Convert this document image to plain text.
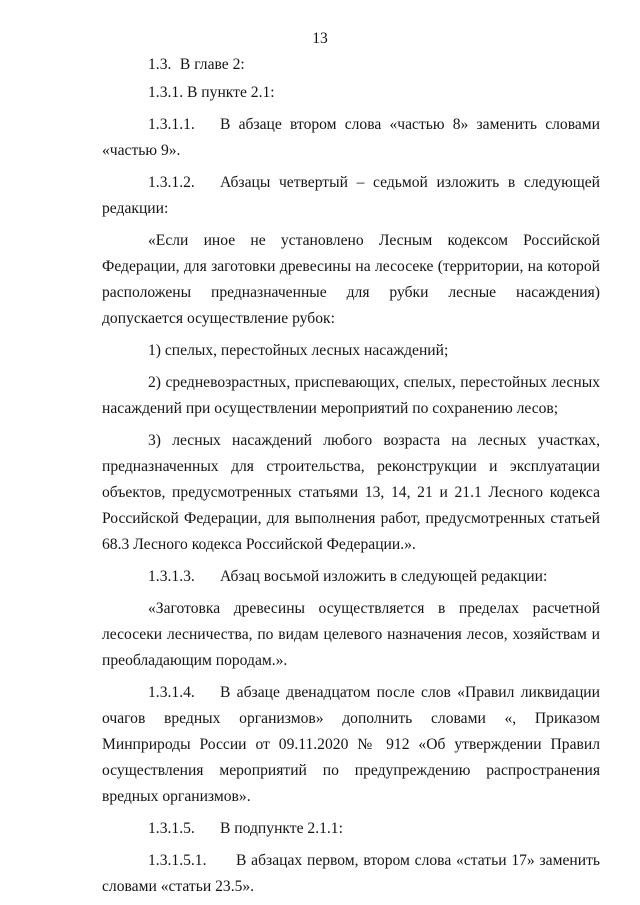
13

1.3. В главе 2:

1.3.1. В пункте 2.1:

1.3.1.1. В абзаце втором слова «частью 8» заменить словами «частью 9».

1.3.1.2. Абзацы четвертый – седьмой изложить в следующей редакции:

«Если иное не установлено Лесным кодексом Российской Федерации, для заготовки древесины на лесосеке (территории, на которой расположены предназначенные для рубки лесные насаждения) допускается осуществление рубок:

1) спелых, перестойных лесных насаждений;

2) средневозрастных, приспевающих, спелых, перестойных лесных насаждений при осуществлении мероприятий по сохранению лесов;

3) лесных насаждений любого возраста на лесных участках, предназначенных для строительства, реконструкции и эксплуатации объектов, предусмотренных статьями 13, 14, 21 и 21.1 Лесного кодекса Российской Федерации, для выполнения работ, предусмотренных статьей 68.3 Лесного кодекса Российской Федерации.».

1.3.1.3. Абзац восьмой изложить в следующей редакции:

«Заготовка древесины осуществляется в пределах расчетной лесосеки лесничества, по видам целевого назначения лесов, хозяйствам и преобладающим породам.».

1.3.1.4. В абзаце двенадцатом после слов «Правил ликвидации очагов вредных организмов» дополнить словами «, Приказом Минприроды России от 09.11.2020 № 912 «Об утверждении Правил осуществления мероприятий по предупреждению распространения вредных организмов».

1.3.1.5. В подпункте 2.1.1:

1.3.1.5.1. В абзацах первом, втором слова «статьи 17» заменить словами «статьи 23.5».
